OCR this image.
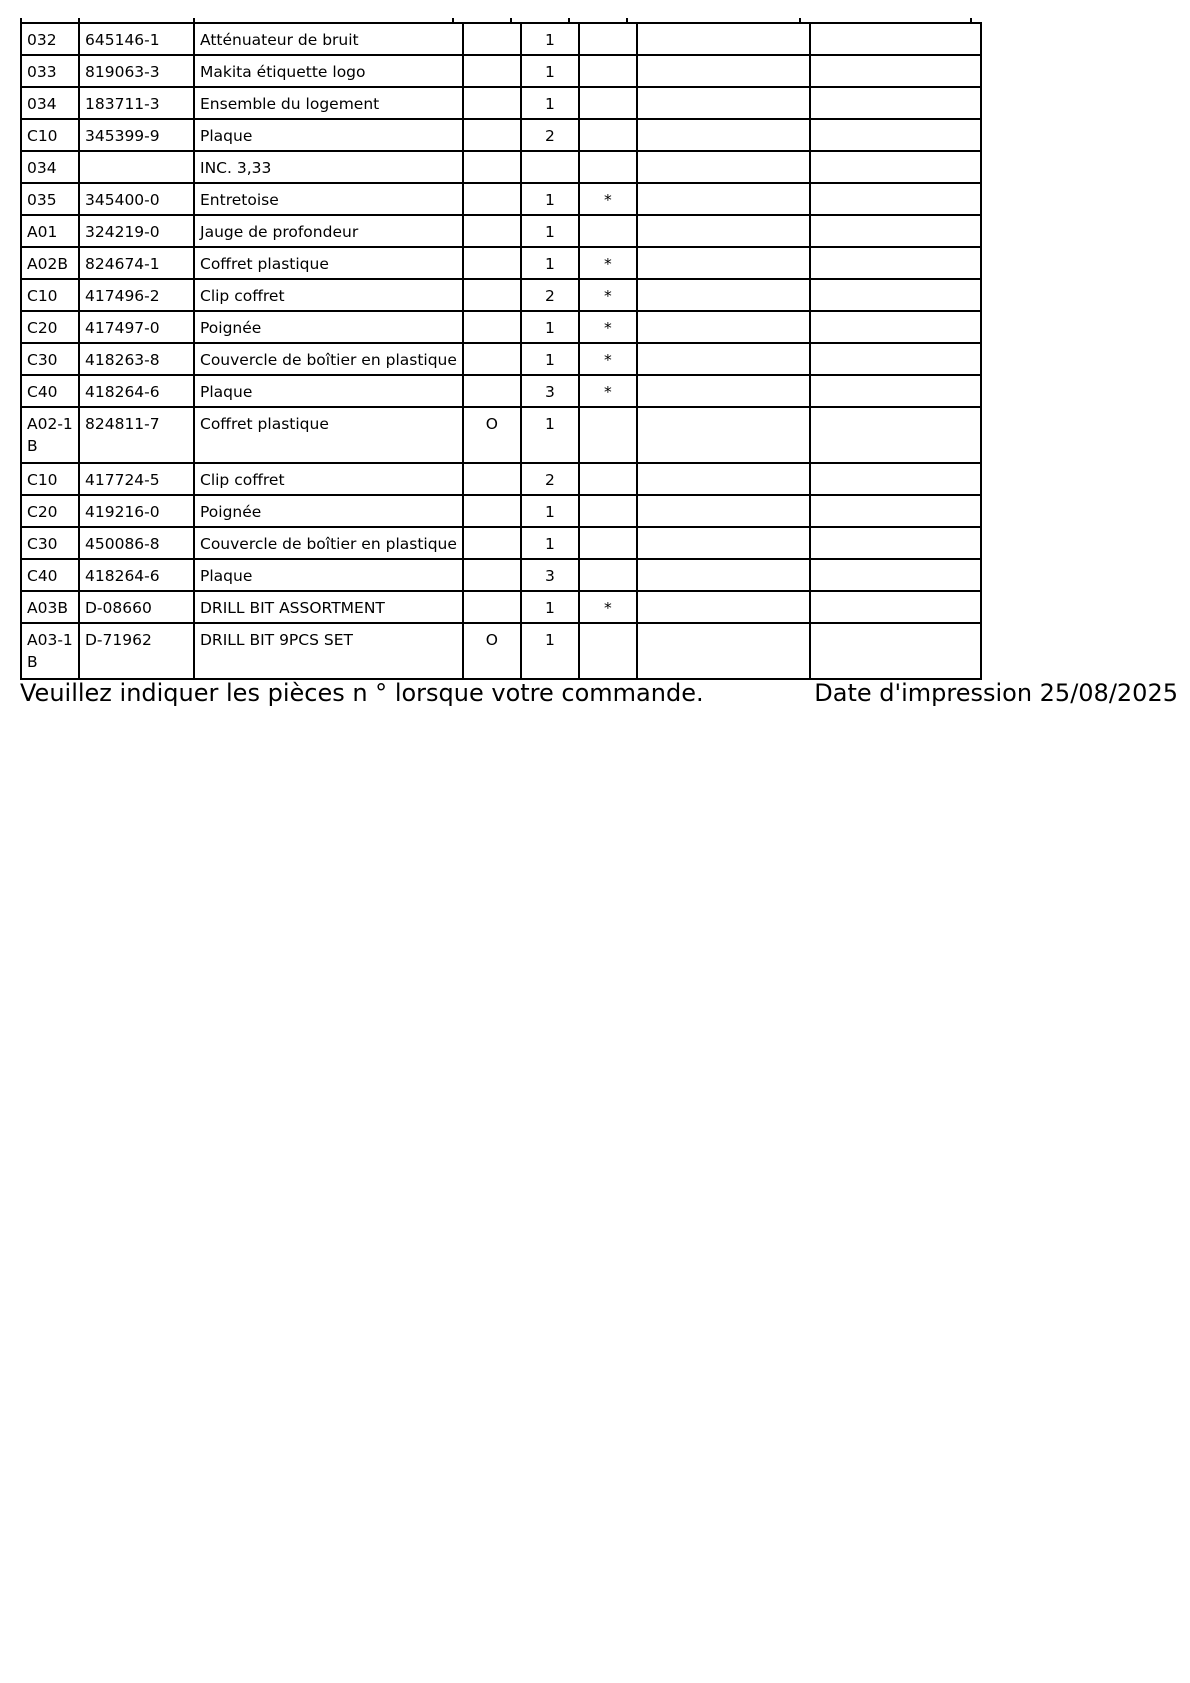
032	645146-1	Atténuateur de bruit		1			
033	819063-3	Makita étiquette logo		1			
034	183711-3	Ensemble du logement		1			
C10	345399-9	Plaque		2			
034		INC. 3,33					
035	345400-0	Entretoise		1	*		
A01	324219-0	Jauge de profondeur		1			
A02B	824674-1	Coffret plastique		1	*		
C10	417496-2	Clip coffret		2	*		
C20	417497-0	Poignée		1	*		
C30	418263-8	Couvercle de boîtier en plastique		1	*		
C40	418264-6	Plaque		3	*		
A02-1B	824811-7	Coffret plastique	O	1			
C10	417724-5	Clip coffret		2			
C20	419216-0	Poignée		1			
C30	450086-8	Couvercle de boîtier en plastique		1			
C40	418264-6	Plaque		3			
A03B	D-08660	DRILL BIT ASSORTMENT		1	*		
A03-1B	D-71962	DRILL BIT 9PCS SET	O	1			
Veuillez indiquer les pièces n ° lorsque votre commande.	Date d'impression 25/08/2025
